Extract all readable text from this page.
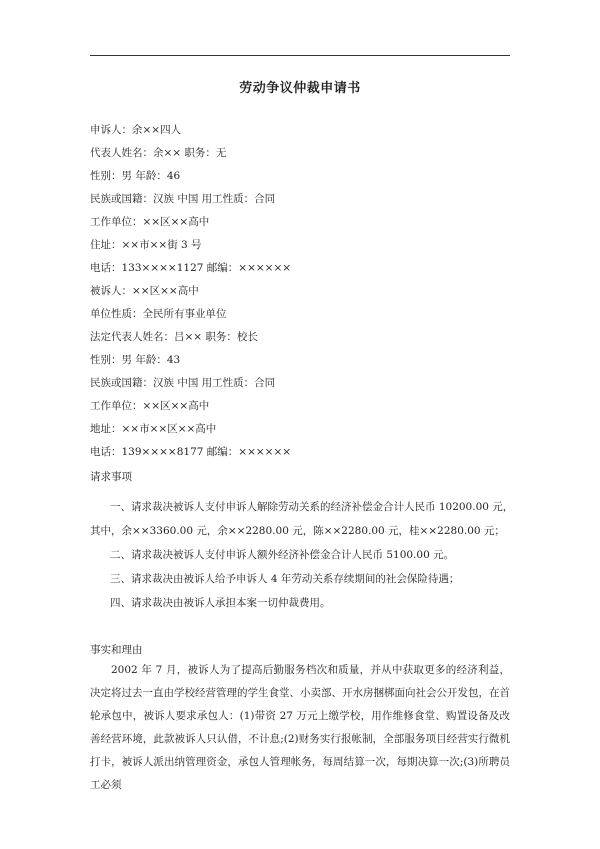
劳动争议仲裁申请书
申诉人：余××四人
代表人姓名：余×× 职务：无
性别：男 年龄：46
民族或国籍：汉族 中国 用工性质：合同
工作单位：××区××高中
住址：××市××街 3 号
电话：133××××1127 邮编：××××××
被诉人：××区××高中
单位性质：全民所有事业单位
法定代表人姓名：吕×× 职务：校长
性别：男 年龄：43
民族或国籍：汉族 中国 用工性质：合同
工作单位：××区××高中
地址：××市××区××高中
电话：139××××8177 邮编：××××××
请求事项
一、请求裁决被诉人支付申诉人解除劳动关系的经济补偿金合计人民币 10200.00 元，
其中，余××3360.00 元，余××2280.00 元，陈××2280.00 元，桂××2280.00 元；
二、请求裁决被诉人支付申诉人额外经济补偿金合计人民币 5100.00 元。
三、请求裁决由被诉人给予申诉人 4 年劳动关系存续期间的社会保险待遇；
四、请求裁决由被诉人承担本案一切仲裁费用。
事实和理由
2002 年 7 月，被诉人为了提高后勤服务档次和质量，并从中获取更多的经济利益，决定将过去一直由学校经营管理的学生食堂、小卖部、开水房捆梆面向社会公开发包，在首轮承包中，被诉人要求承包人：(1)带资 27 万元上缴学校，用作维修食堂、购置设备及改善经营环境，此款被诉人只认借，不计息;(2)财务实行报帐制，全部服务项目经营实行微机打卡，被诉人派出纳管理资金，承包人管理帐务，每周结算一次，每期决算一次;(3)所聘员工必须
